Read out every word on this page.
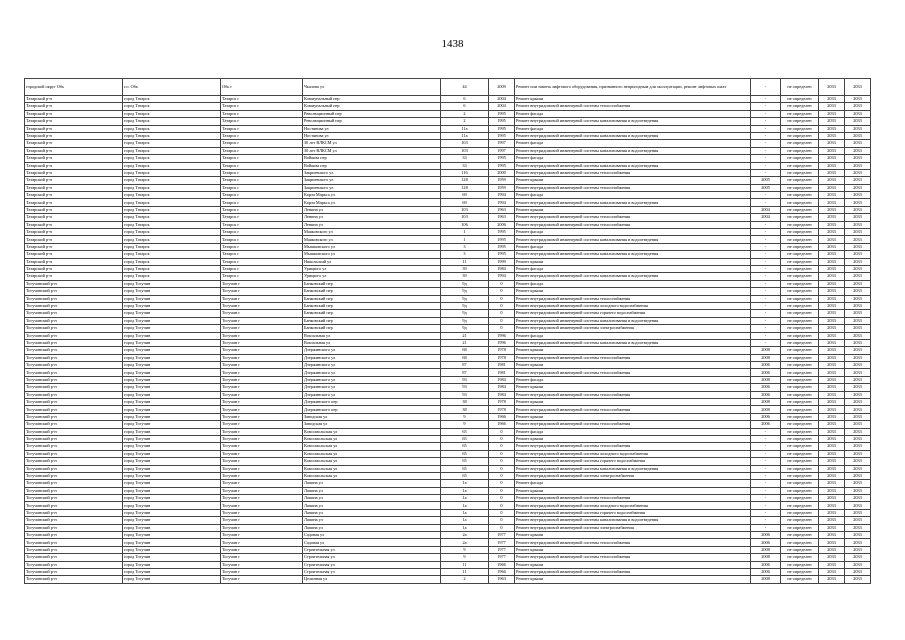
1438
городской округ Обь	г.о. Обь	Обь г	Чкалова ул	44	2009	Ремонт или замена лифтового оборудования, признанного непригодным для эксплуатации, ремонт лифтовых шахт	-	не определен	2033	2033
Татарский р-н	город Татарск	Татарск г	Коммунальный пер	6	2004	Ремонт крыши	-	не определен	2033	2033
Татарский р-н	город Татарск	Татарск г	Коммунальный пер	6	2004	Ремонт внутридомовой инженерной системы теплоснабжения	-	не определен	2033	2033
Татарский р-н	город Татарск	Татарск г	Революционный пер	2	1995	Ремонт фасада	-	не определен	2033	2033
Татарский р-н	город Татарск	Татарск г	Революционный пер	2	1995	Ремонт внутридомовой инженерной системы канализования и водоотведения	-	не определен	2033	2033
Татарский р-н	город Татарск	Татарск г	Ностянова ул	11а	1995	Ремонт фасада	-	не определен	2033	2033
Татарский р-н	город Татарск	Татарск г	Ностянова ул	11а	1995	Ремонт внутридомовой инженерной системы канализования и водоотведения	-	не определен	2033	2033
Татарский р-н	город Татарск	Татарск г	30 лет ВЛКСМ ул	103	1997	Ремонт фасада	-	не определен	2033	2033
Татарский р-н	город Татарск	Татарск г	30 лет ВЛКСМ ул	103	1997	Ремонт внутридомовой инженерной системы канализования и водоотведения	-	не определен	2033	2033
Татарский р-н	город Татарск	Татарск г	Войкова пер	33	1995	Ремонт фасада	-	не определен	2033	2033
Татарский р-н	город Татарск	Татарск г	Войкова пер	33	1995	Ремонт внутридомовой инженерной системы канализования и водоотведения	-	не определен	2033	2033
Татарский р-н	город Татарск	Татарск г	Закриевского ул	116	2000	Ремонт внутридомовой инженерной системы теплоснабжения	-	не определен	2033	2033
Татарский р-н	город Татарск	Татарск г	Закриевского ул	128	1959	Ремонт крыши	2005	не определен	2033	2033
Татарский р-н	город Татарск	Татарск г	Закриевского ул	128	1959	Ремонт внутридомовой инженерной системы теплоснабжения	2005	не определен	2033	2033
Татарский р-н	город Татарск	Татарск г	Карла Маркса ул	69	1994	Ремонт фасада	-	не определен	2033	2033
Татарский р-н	город Татарск	Татарск г	Карла Маркса ул	69	1994	Ремонт внутридомовой инженерной системы канализования и водоотведения	-	не определен	2033	2033
Татарский р-н	город Татарск	Татарск г	Ленина ул	103	1963	Ремонт крыши	2004	не определен	2033	2033
Татарский р-н	город Татарск	Татарск г	Ленина ул	103	1963	Ремонт внутридомовой инженерной системы теплоснабжения	2004	не определен	2033	2033
Татарский р-н	город Татарск	Татарск г	Ленина ул	106	2006	Ремонт внутридомовой инженерной системы теплоснабжения	-	не определен	2033	2033
Татарский р-н	город Татарск	Татарск г	Маяковского ул	1	1995	Ремонт фасада	-	не определен	2033	2033
Татарский р-н	город Татарск	Татарск г	Маяковского ул	1	1995	Ремонт внутридомовой инженерной системы канализования и водоотведения	-	не определен	2033	2033
Татарский р-н	город Татарск	Татарск г	Мышковского ул	3	1995	Ремонт фасада	-	не определен	2033	2033
Татарский р-н	город Татарск	Татарск г	Мышковского ул	3	1995	Ремонт внутридомовой инженерной системы канализования и водоотведения	-	не определен	2033	2033
Татарский р-н	город Татарск	Татарск г	Никольский ул	11	1999	Ремонт крыши	-	не определен	2033	2033
Татарский р-н	город Татарск	Татарск г	Урицкого ул	39	1984	Ремонт фасада	-	не определен	2033	2033
Татарский р-н	город Татарск	Татарск г	Урицкого ул	39	1994	Ремонт внутридомовой инженерной системы канализования и водоотведения	-	не определен	2033	2033
Тогучинский р-н	город Тогучин	Тогучин г	Банковский пер	9д	0	Ремонт фасада	-	не определен	2033	2033
Тогучинский р-н	город Тогучин	Тогучин г	Банковский пер	9д	0	Ремонт крыши	-	не определен	2033	2033
Тогучинский р-н	город Тогучин	Тогучин г	Банковский пер	9д	0	Ремонт внутридомовой инженерной системы теплоснабжения	-	не определен	2033	2033
Тогучинский р-н	город Тогучин	Тогучин г	Банковский пер	9д	0	Ремонт внутридомовой инженерной системы холодного водоснабжения	-	не определен	2033	2033
Тогучинский р-н	город Тогучин	Тогучин г	Банковский пер	9д	0	Ремонт внутридомовой инженерной системы горячего водоснабжения	-	не определен	2033	2033
Тогучинский р-н	город Тогучин	Тогучин г	Банковский пер	9д	0	Ремонт внутридомовой инженерной системы канализования и водоотведения	-	не определен	2033	2033
Тогучинский р-н	город Тогучин	Тогучин г	Банковский пер	9д	0	Ремонт внутридомовой инженерной системы электроснабжения	-	не определен	2033	2033
Тогучинский р-н	город Тогучин	Тогучин г	Вокзальная ул	21	1996	Ремонт фасада	-	не определен	2033	2033
Тогучинский р-н	город Тогучин	Тогучин г	Вокзальная ул	21	1996	Ремонт внутридомовой инженерной системы канализования и водоотведения	-	не определен	2033	2033
Тогучинский р-н	город Тогучин	Тогучин г	Дзержинского ул	68	1978	Ремонт крыши	2008	не определен	2033	2033
Тогучинский р-н	город Тогучин	Тогучин г	Дзержинского ул	68	1978	Ремонт внутридомовой инженерной системы теплоснабжения	2008	не определен	2033	2033
Тогучинский р-н	город Тогучин	Тогучин г	Дзержинского ул	87	1981	Ремонт крыши	2006	не определен	2033	2033
Тогучинский р-н	город Тогучин	Тогучин г	Дзержинского ул	87	1981	Ремонт внутридомовой инженерной системы теплоснабжения	2006	не определен	2033	2033
Тогучинский р-н	город Тогучин	Тогучин г	Дзержинского ул	93	1984	Ремонт фасада	2008	не определен	2033	2033
Тогучинский р-н	город Тогучин	Тогучин г	Дзержинского ул	93	1984	Ремонт крыши	2006	не определен	2033	2033
Тогучинский р-н	город Тогучин	Тогучин г	Дзержинского ул	93	1984	Ремонт внутридомовой инженерной системы теплоснабжения	2006	не определен	2033	2033
Тогучинский р-н	город Тогучин	Тогучин г	Дзержинского пер	38	1978	Ремонт крыши	2008	не определен	2033	2033
Тогучинский р-н	город Тогучин	Тогучин г	Дзержинского пер	38	1978	Ремонт внутридомовой инженерной системы теплоснабжения	2008	не определен	2033	2033
Тогучинский р-н	город Тогучин	Тогучин г	Заводская ул	9	1966	Ремонт крыши	2006	не определен	2033	2033
Тогучинский р-н	город Тогучин	Тогучин г	Заводская ул	9	1966	Ремонт внутридомовой инженерной системы теплоснабжения	2006	не определен	2033	2033
Тогучинский р-н	город Тогучин	Тогучин г	Комсомольская ул	65	0	Ремонт фасада	-	не определен	2033	2033
Тогучинский р-н	город Тогучин	Тогучин г	Комсомольская ул	65	0	Ремонт крыши	-	не определен	2033	2033
Тогучинский р-н	город Тогучин	Тогучин г	Комсомольская ул	65	0	Ремонт внутридомовой инженерной системы теплоснабжения	-	не определен	2033	2033
Тогучинский р-н	город Тогучин	Тогучин г	Комсомольская ул	65	0	Ремонт внутридомовой инженерной системы холодного водоснабжения	-	не определен	2033	2033
Тогучинский р-н	город Тогучин	Тогучин г	Комсомольская ул	65	0	Ремонт внутридомовой инженерной системы горячего водоснабжения	-	не определен	2033	2033
Тогучинский р-н	город Тогучин	Тогучин г	Комсомольская ул	65	0	Ремонт внутридомовой инженерной системы канализования и водоотведения	-	не определен	2033	2033
Тогучинский р-н	город Тогучин	Тогучин г	Комсомольская ул	65	0	Ремонт внутридомовой инженерной системы электроснабжения	-	не определен	2033	2033
Тогучинский р-н	город Тогучин	Тогучин г	Лапина ул	1а	0	Ремонт фасада	-	не определен	2033	2033
Тогучинский р-н	город Тогучин	Тогучин г	Лапина ул	1а	0	Ремонт крыши	-	не определен	2033	2033
Тогучинский р-н	город Тогучин	Тогучин г	Лапина ул	1а	0	Ремонт внутридомовой инженерной системы теплоснабжения	-	не определен	2033	2033
Тогучинский р-н	город Тогучин	Тогучин г	Лапина ул	1а	0	Ремонт внутридомовой инженерной системы холодного водоснабжения	-	не определен	2033	2033
Тогучинский р-н	город Тогучин	Тогучин г	Лапина ул	1а	0	Ремонт внутридомовой инженерной системы горячего водоснабжения	-	не определен	2033	2033
Тогучинский р-н	город Тогучин	Тогучин г	Лапина ул	1а	0	Ремонт внутридомовой инженерной системы канализования и водоотведения	-	не определен	2033	2033
Тогучинский р-н	город Тогучин	Тогучин г	Лапина ул	1а	0	Ремонт внутридомовой инженерной системы электроснабжения	-	не определен	2033	2033
Тогучинский р-н	город Тогучин	Тогучин г	Садовая ул	2а	1977	Ремонт крыши	2006	не определен	2033	2033
Тогучинский р-н	город Тогучин	Тогучин г	Садовая ул	2а	1977	Ремонт внутридомовой инженерной системы теплоснабжения	2006	не определен	2033	2033
Тогучинский р-н	город Тогучин	Тогучин г	Строительная ул	9	1977	Ремонт крыши	2008	не определен	2033	2033
Тогучинский р-н	город Тогучин	Тогучин г	Строительная ул	9	1977	Ремонт внутридомовой инженерной системы теплоснабжения	2008	не определен	2033	2033
Тогучинский р-н	город Тогучин	Тогучин г	Строительная ул	11	1966	Ремонт крыши	2006	не определен	2033	2033
Тогучинский р-н	город Тогучин	Тогучин г	Строительная ул	11	1966	Ремонт внутридомовой инженерной системы теплоснабжения	2006	не определен	2033	2033
Тогучинский р-н	город Тогучин	Тогучин г	Целинная ул	2	1963	Ремонт крыши	2008	не определен	2033	2033
